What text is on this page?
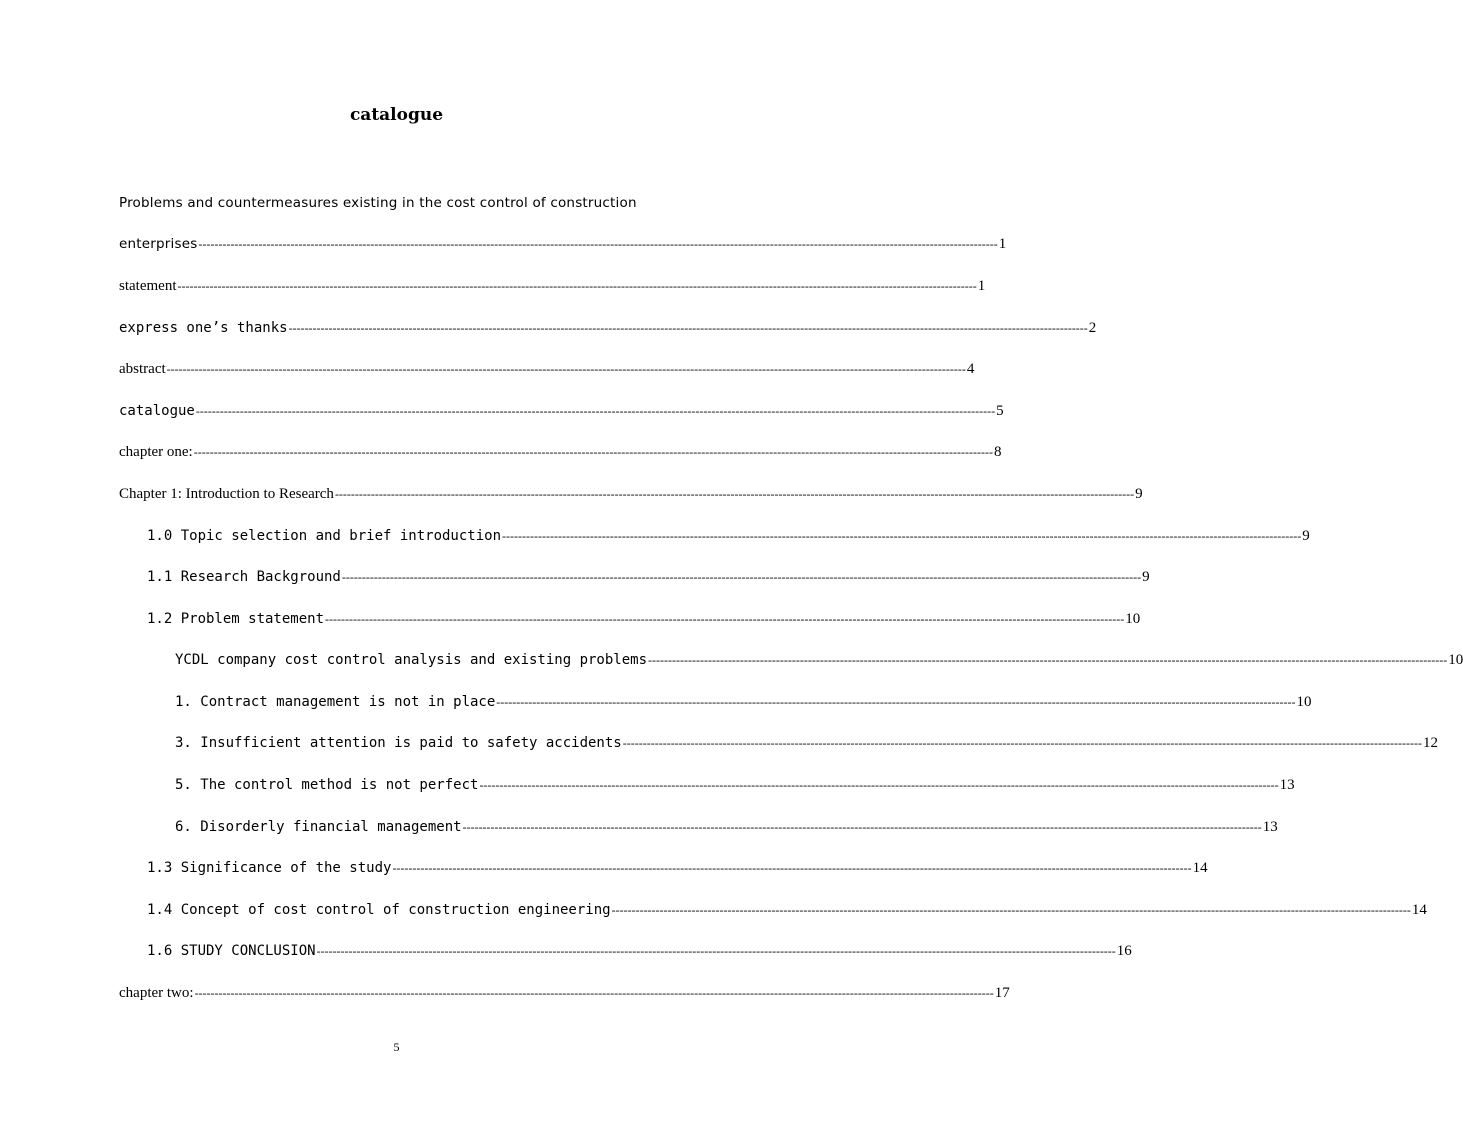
catalogue
Problems and countermeasures existing in the cost control of construction
enterprises -------------------------------------------------------------------------------------------------------------------------------------------------------------------------------------------------------- 1
statement -------------------------------------------------------------------------------------------------------------------------------------------------------------------------------------------------------- 1
express one’s thanks -------------------------------------------------------------------------------------------------------------------------------------------------------------------------------------------------------- 2
abstract -------------------------------------------------------------------------------------------------------------------------------------------------------------------------------------------------------- 4
catalogue -------------------------------------------------------------------------------------------------------------------------------------------------------------------------------------------------------- 5
chapter one: -------------------------------------------------------------------------------------------------------------------------------------------------------------------------------------------------------- 8
Chapter 1: Introduction to Research -------------------------------------------------------------------------------------------------------------------------------------------------------------------------------------------------------- 9
1.0 Topic selection and brief introduction -------------------------------------------------------------------------------------------------------------------------------------------------------------------------------------------------------- 9
1.1 Research Background -------------------------------------------------------------------------------------------------------------------------------------------------------------------------------------------------------- 9
1.2 Problem statement -------------------------------------------------------------------------------------------------------------------------------------------------------------------------------------------------------- 10
YCDL company cost control analysis and existing problems -------------------------------------------------------------------------------------------------------------------------------------------------------------------------------------------------------- 10
1. Contract management is not in place -------------------------------------------------------------------------------------------------------------------------------------------------------------------------------------------------------- 10
3. Insufficient attention is paid to safety accidents -------------------------------------------------------------------------------------------------------------------------------------------------------------------------------------------------------- 12
5. The control method is not perfect -------------------------------------------------------------------------------------------------------------------------------------------------------------------------------------------------------- 13
6. Disorderly financial management -------------------------------------------------------------------------------------------------------------------------------------------------------------------------------------------------------- 13
1.3 Significance of the study -------------------------------------------------------------------------------------------------------------------------------------------------------------------------------------------------------- 14
1.4 Concept of cost control of construction engineering -------------------------------------------------------------------------------------------------------------------------------------------------------------------------------------------------------- 14
1.6 STUDY CONCLUSION -------------------------------------------------------------------------------------------------------------------------------------------------------------------------------------------------------- 16
chapter two: -------------------------------------------------------------------------------------------------------------------------------------------------------------------------------------------------------- 17
5
